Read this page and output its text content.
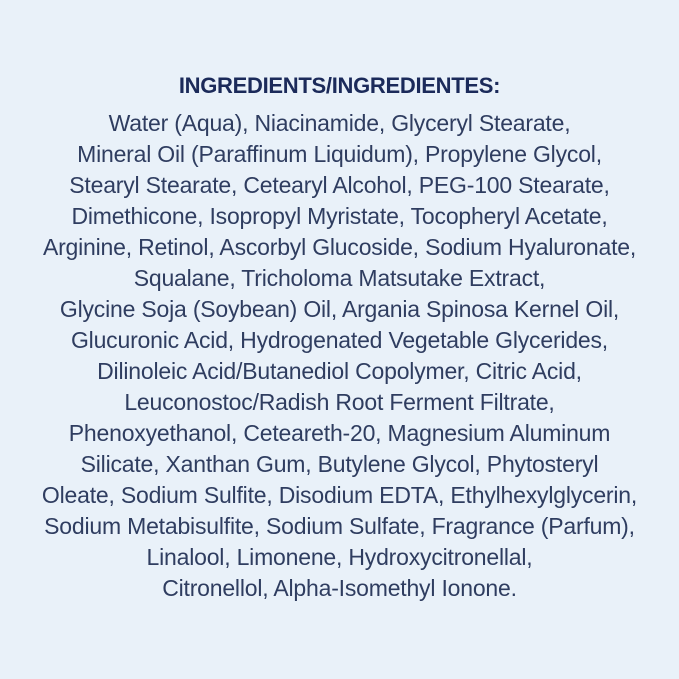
INGREDIENTS/INGREDIENTES:
Water (Aqua), Niacinamide, Glyceryl Stearate,
Mineral Oil (Paraffinum Liquidum), Propylene Glycol,
Stearyl Stearate, Cetearyl Alcohol, PEG-100 Stearate,
Dimethicone, Isopropyl Myristate, Tocopheryl Acetate,
Arginine, Retinol, Ascorbyl Glucoside, Sodium Hyaluronate,
Squalane, Tricholoma Matsutake Extract,
Glycine Soja (Soybean) Oil, Argania Spinosa Kernel Oil,
Glucuronic Acid, Hydrogenated Vegetable Glycerides,
Dilinoleic Acid/Butanediol Copolymer, Citric Acid,
Leuconostoc/Radish Root Ferment Filtrate,
Phenoxyethanol, Ceteareth-20, Magnesium Aluminum
Silicate, Xanthan Gum, Butylene Glycol, Phytosteryl
Oleate, Sodium Sulfite, Disodium EDTA, Ethylhexylglycerin,
Sodium Metabisulfite, Sodium Sulfate, Fragrance (Parfum),
Linalool, Limonene, Hydroxycitronellal,
Citronellol, Alpha-Isomethyl Ionone.
